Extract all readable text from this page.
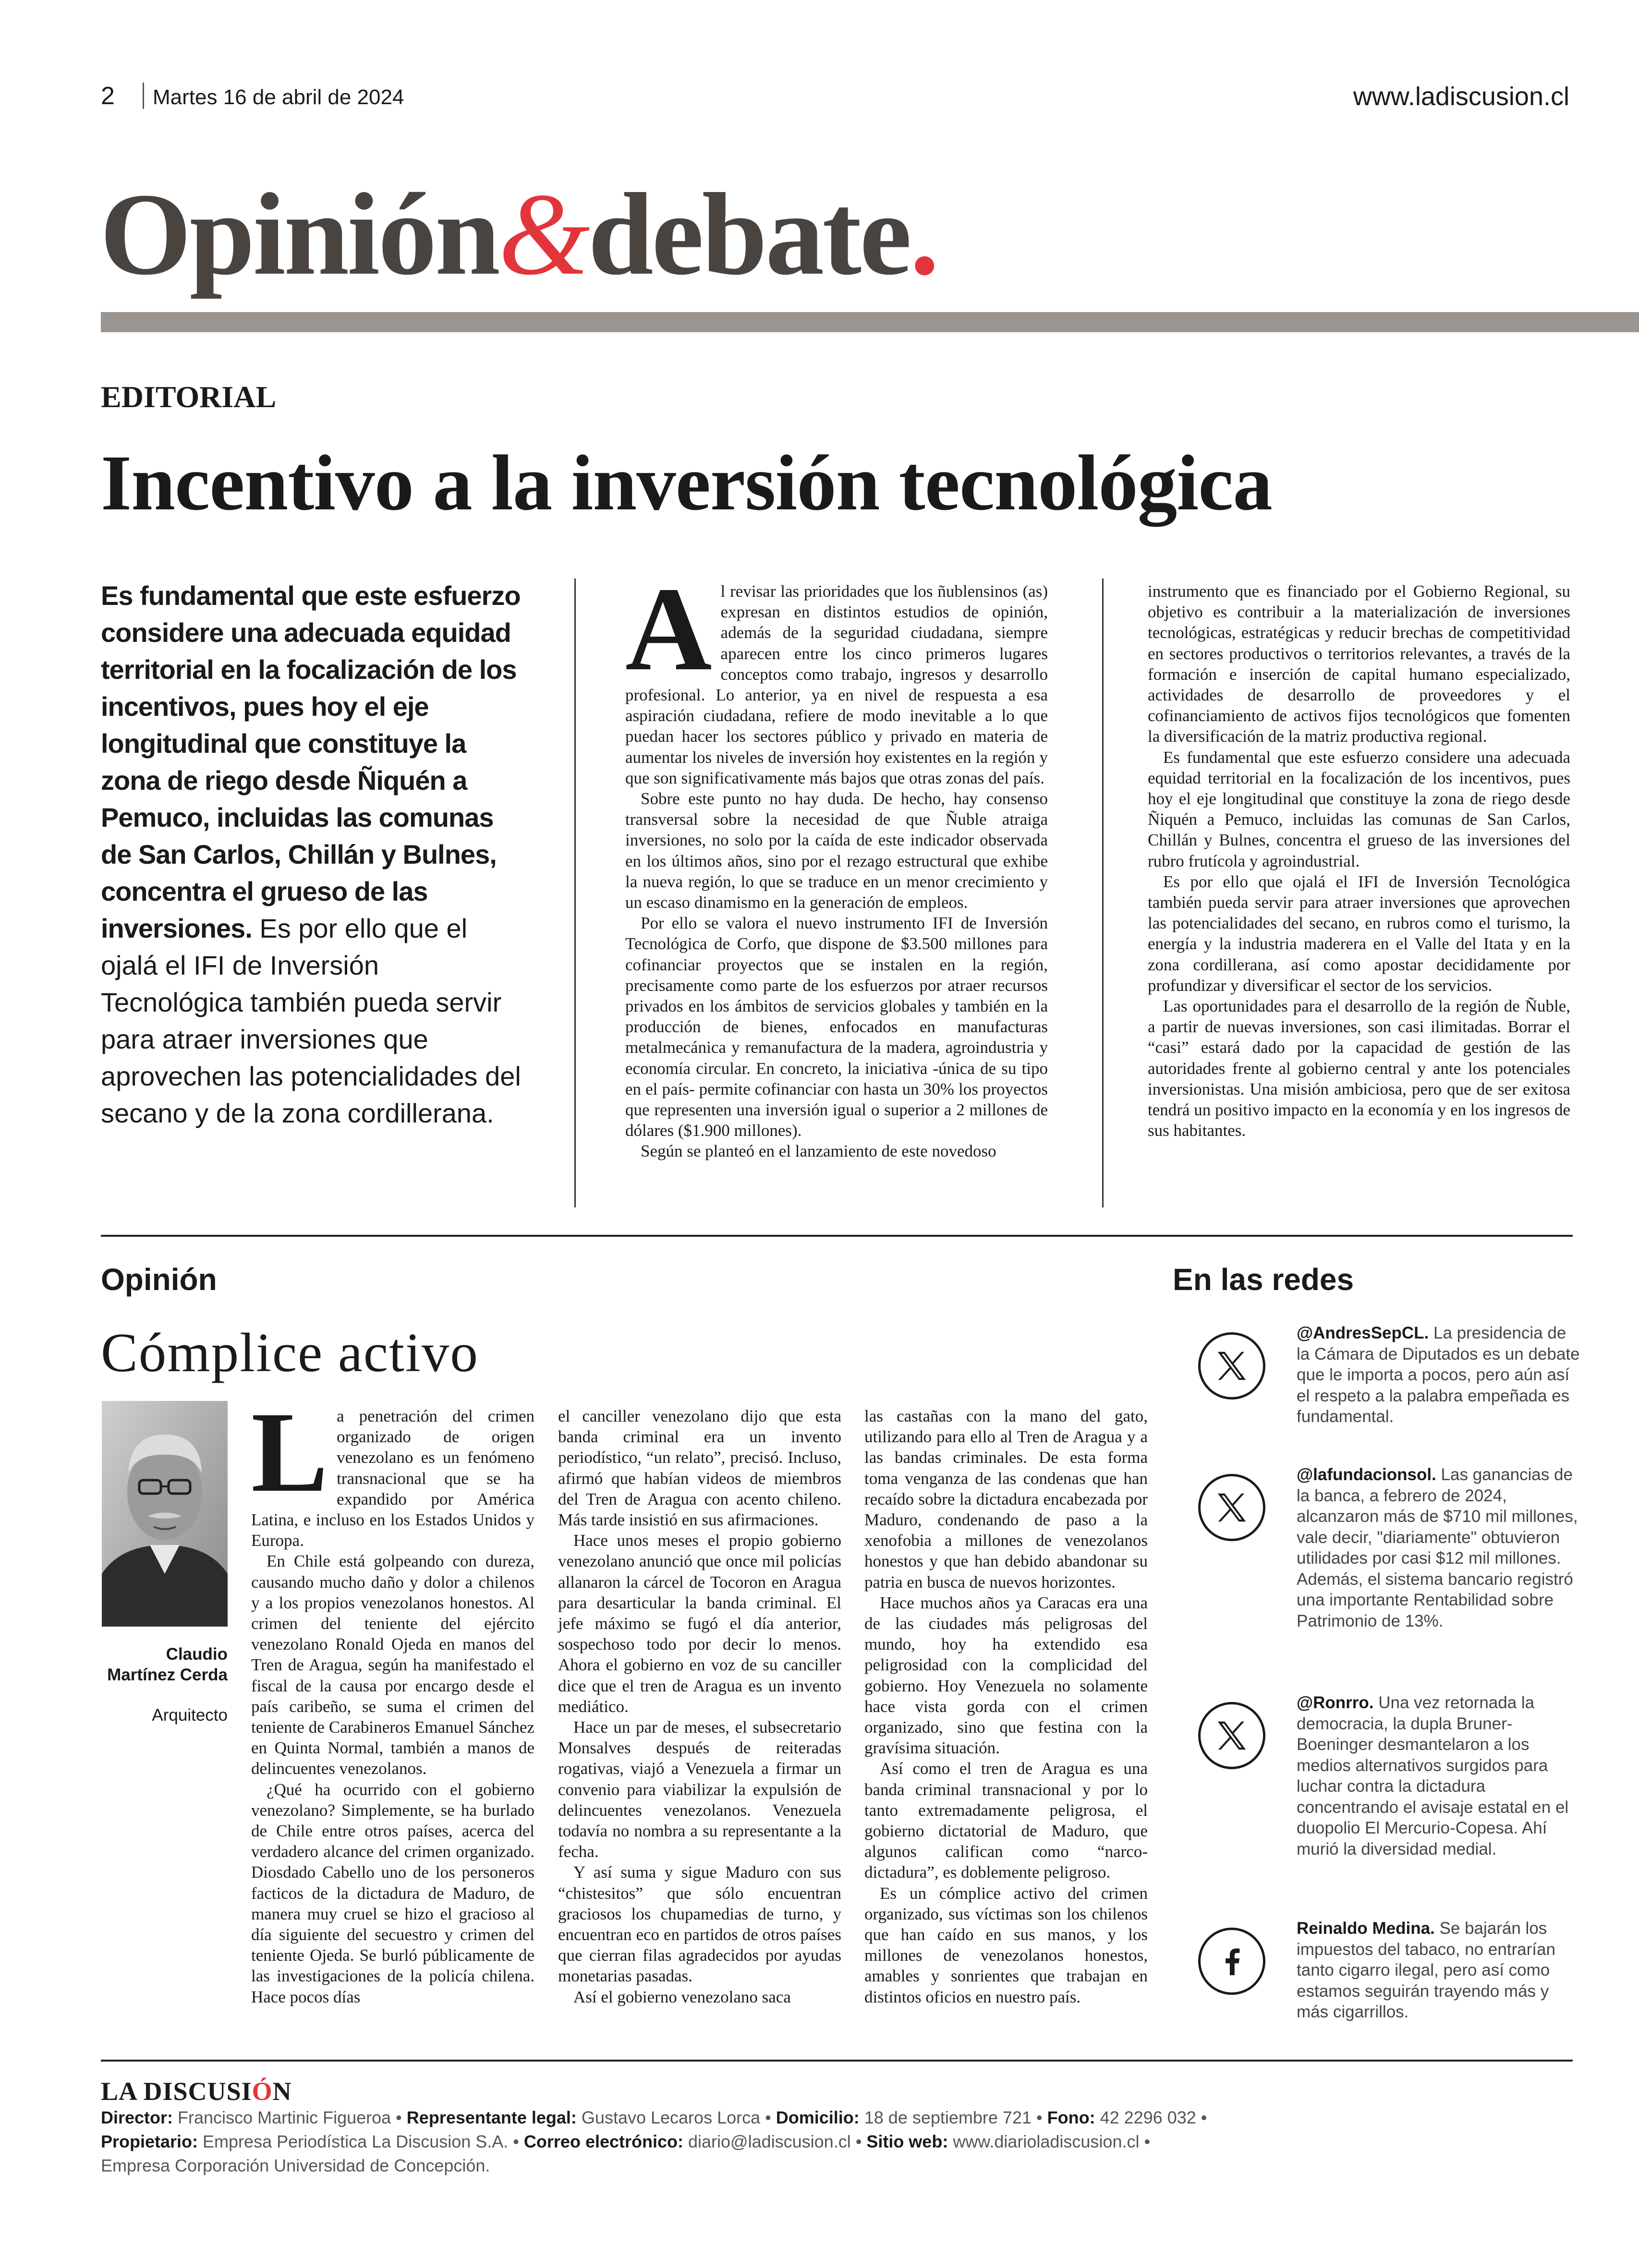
2 Martes 16 de abril de 2024	www.ladiscusion.cl
Opinión&debate.
EDITORIAL
Incentivo a la inversión tecnológica
Es fundamental que este esfuerzo considere una adecuada equidad territorial en la focalización de los incentivos, pues hoy el eje longitudinal que constituye la zona de riego desde Ñiquén a Pemuco, incluidas las comunas de San Carlos, Chillán y Bulnes, concentra el grueso de las inversiones. Es por ello que el ojalá el IFI de Inversión Tecnológica también pueda servir para atraer inversiones que aprovechen las potencialidades del secano y de la zona cordillerana.

Al revisar las prioridades que los ñublensinos (as) expresan en distintos estudios de opinión, además de la seguridad ciudadana, siempre aparecen entre los cinco primeros lugares conceptos como trabajo, ingresos y desarrollo profesional. Lo anterior, ya en nivel de respuesta a esa aspiración ciudadana, refiere de modo inevitable a lo que puedan hacer los sectores público y privado en materia de aumentar los niveles de inversión hoy existentes en la región y que son significativamente más bajos que otras zonas del país.

Sobre este punto no hay duda. De hecho, hay consenso transversal sobre la necesidad de que Ñuble atraiga inversiones, no solo por la caída de este indicador observada en los últimos años, sino por el rezago estructural que exhibe la nueva región, lo que se traduce en un menor crecimiento y un escaso dinamismo en la generación de empleos.

Por ello se valora el nuevo instrumento IFI de Inversión Tecnológica de Corfo, que dispone de $3.500 millones para cofinanciar proyectos que se instalen en la región, precisamente como parte de los esfuerzos por atraer recursos privados en los ámbitos de servicios globales y también en la producción de bienes, enfocados en manufacturas metalmecánica y remanufactura de la madera, agroindustria y economía circular. En concreto, la iniciativa -única de su tipo en el país- permite cofinanciar con hasta un 30% los proyectos que representen una inversión igual o superior a 2 millones de dólares ($1.900 millones).

Según se planteó en el lanzamiento de este novedoso

instrumento que es financiado por el Gobierno Regional, su objetivo es contribuir a la materialización de inversiones tecnológicas, estratégicas y reducir brechas de competitividad en sectores productivos o territorios relevantes, a través de la formación e inserción de capital humano especializado, actividades de desarrollo de proveedores y el cofinanciamiento de activos fijos tecnológicos que fomenten la diversificación de la matriz productiva regional.

Es fundamental que este esfuerzo considere una adecuada equidad territorial en la focalización de los incentivos, pues hoy el eje longitudinal que constituye la zona de riego desde Ñiquén a Pemuco, incluidas las comunas de San Carlos, Chillán y Bulnes, concentra el grueso de las inversiones del rubro frutícola y agroindustrial.

Es por ello que ojalá el IFI de Inversión Tecnológica también pueda servir para atraer inversiones que aprovechen las potencialidades del secano, en rubros como el turismo, la energía y la industria maderera en el Valle del Itata y en la zona cordillerana, así como apostar decididamente por profundizar y diversificar el sector de los servicios.

Las oportunidades para el desarrollo de la región de Ñuble, a partir de nuevas inversiones, son casi ilimitadas. Borrar el “casi” estará dado por la capacidad de gestión de las autoridades frente al gobierno central y ante los potenciales inversionistas. Una misión ambiciosa, pero que de ser exitosa tendrá un positivo impacto en la economía y en los ingresos de sus habitantes.

Opinión
Cómplice activo
Claudio Martínez Cerda
Arquitecto

La penetración del crimen organizado de origen venezolano es un fenómeno transnacional que se ha expandido por América Latina, e incluso en los Estados Unidos y Europa.

En Chile está golpeando con dureza, causando mucho daño y dolor a chilenos y a los propios venezolanos honestos. Al crimen del teniente del ejército venezolano Ronald Ojeda en manos del Tren de Aragua, según ha manifestado el fiscal de la causa por encargo desde el país caribeño, se suma el crimen del teniente de Carabineros Emanuel Sánchez en Quinta Normal, también a manos de delincuentes venezolanos.

¿Qué ha ocurrido con el gobierno venezolano? Simplemente, se ha burlado de Chile entre otros países, acerca del verdadero alcance del crimen organizado. Diosdado Cabello uno de los personeros facticos de la dictadura de Maduro, de manera muy cruel se hizo el gracioso al día siguiente del secuestro y crimen del teniente Ojeda. Se burló públicamente de las investigaciones de la policía chilena. Hace pocos días

el canciller venezolano dijo que esta banda criminal era un invento periodístico, “un relato”, precisó. Incluso, afirmó que habían videos de miembros del Tren de Aragua con acento chileno. Más tarde insistió en sus afirmaciones.

Hace unos meses el propio gobierno venezolano anunció que once mil policías allanaron la cárcel de Tocoron en Aragua para desarticular la banda criminal. El jefe máximo se fugó el día anterior, sospechoso todo por decir lo menos. Ahora el gobierno en voz de su canciller dice que el tren de Aragua es un invento mediático.

Hace un par de meses, el subsecretario Monsalves después de reiteradas rogativas, viajó a Venezuela a firmar un convenio para viabilizar la expulsión de delincuentes venezolanos. Venezuela todavía no nombra a su representante a la fecha.

Y así suma y sigue Maduro con sus “chistesitos” que sólo encuentran graciosos los chupamedias de turno, y encuentran eco en partidos de otros países que cierran filas agradecidos por ayudas monetarias pasadas.

Así el gobierno venezolano saca

las castañas con la mano del gato, utilizando para ello al Tren de Aragua y a las bandas criminales. De esta forma toma venganza de las condenas que han recaído sobre la dictadura encabezada por Maduro, condenando de paso a la xenofobia a millones de venezolanos honestos y que han debido abandonar su patria en busca de nuevos horizontes.

Hace muchos años ya Caracas era una de las ciudades más peligrosas del mundo, hoy ha extendido esa peligrosidad con la complicidad del gobierno. Hoy Venezuela no solamente hace vista gorda con el crimen organizado, sino que festina con la gravísima situación.

Así como el tren de Aragua es una banda criminal transnacional y por lo tanto extremadamente peligrosa, el gobierno dictatorial de Maduro, que algunos califican como “narco-dictadura”, es doblemente peligroso.

Es un cómplice activo del crimen organizado, sus víctimas son los chilenos que han caído en sus manos, y los millones de venezolanos honestos, amables y sonrientes que trabajan en distintos oficios en nuestro país.

En las redes
@AndresSepCL. La presidencia de la Cámara de Diputados es un debate que le importa a pocos, pero aún así el respeto a la palabra empeñada es fundamental.
@lafundacionsol. Las ganancias de la banca, a febrero de 2024, alcanzaron más de $710 mil millones, vale decir, "diariamente" obtuvieron utilidades por casi $12 mil millones. Además, el sistema bancario registró una importante Rentabilidad sobre Patrimonio de 13%.
@Ronrro. Una vez retornada la democracia, la dupla Bruner-Boeninger desmantelaron a los medios alternativos surgidos para luchar contra la dictadura concentrando el avisaje estatal en el duopolio El Mercurio-Copesa. Ahí murió la diversidad medial.
Reinaldo Medina. Se bajarán los impuestos del tabaco, no entrarían tanto cigarro ilegal, pero así como estamos seguirán trayendo más y más cigarrillos.
LA DISCUSIÓN
Director: Francisco Martinic Figueroa • Representante legal: Gustavo Lecaros Lorca • Domicilio: 18 de septiembre 721 • Fono: 42 2296 032 •
Propietario: Empresa Periodística La Discusion S.A. • Correo electrónico: diario@ladiscusion.cl • Sitio web: www.diarioladiscusion.cl •
Empresa Corporación Universidad de Concepción.
